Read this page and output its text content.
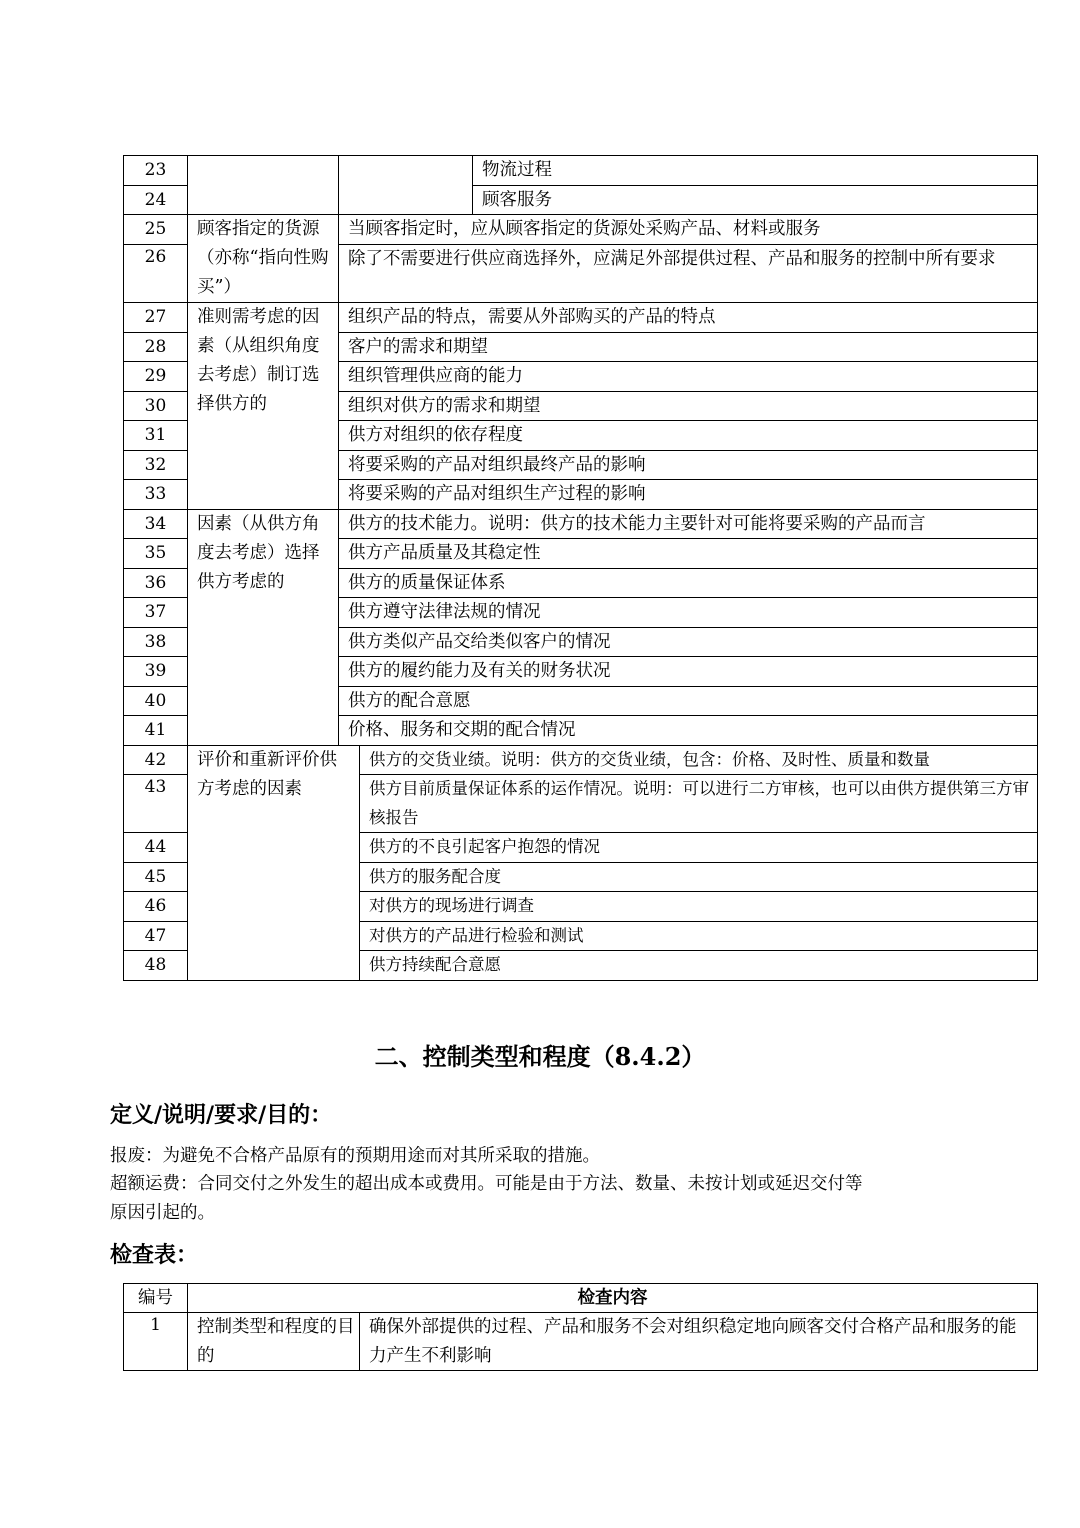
23				物流过程
24				顾客服务
25	顾客指定的货源（亦称“指向性购买”）	当顾客指定时，应从顾客指定的货源处采购产品、材料或服务		
26		除了不需要进行供应商选择外，应满足外部提供过程、产品和服务的控制中所有要求		
27	准则需考虑的因素（从组织角度去考虑）制订选择供方的	组织产品的特点，需要从外部购买的产品的特点		
28		客户的需求和期望		
29		组织管理供应商的能力		
30		组织对供方的需求和期望		
31		供方对组织的依存程度		
32		将要采购的产品对组织最终产品的影响		
33		将要采购的产品对组织生产过程的影响		
34	因素（从供方角度去考虑）选择供方考虑的	供方的技术能力。说明：供方的技术能力主要针对可能将要采购的产品而言		
35		供方产品质量及其稳定性		
36		供方的质量保证体系		
37		供方遵守法律法规的情况		
38		供方类似产品交给类似客户的情况		
39		供方的履约能力及有关的财务状况		
40		供方的配合意愿		
41		价格、服务和交期的配合情况		
42	评价和重新评价供方考虑的因素		供方的交货业绩。说明：供方的交货业绩，包含：价格、及时性、质量和数量	
43			供方目前质量保证体系的运作情况。说明：可以进行二方审核，也可以由供方提供第三方审核报告	
44			供方的不良引起客户抱怨的情况	
45			供方的服务配合度	
46			对供方的现场进行调查	
47			对供方的产品进行检验和测试	
48			供方持续配合意愿	
二、控制类型和程度（8.4.2）
定义/说明/要求/目的：
报废：为避免不合格产品原有的预期用途而对其所采取的措施。
超额运费：合同交付之外发生的超出成本或费用。可能是由于方法、数量、未按计划或延迟交付等
原因引起的。
检查表：
编号	检查内容	
1	控制类型和程度的目的	确保外部提供的过程、产品和服务不会对组织稳定地向顾客交付合格产品和服务的能力产生不利影响
